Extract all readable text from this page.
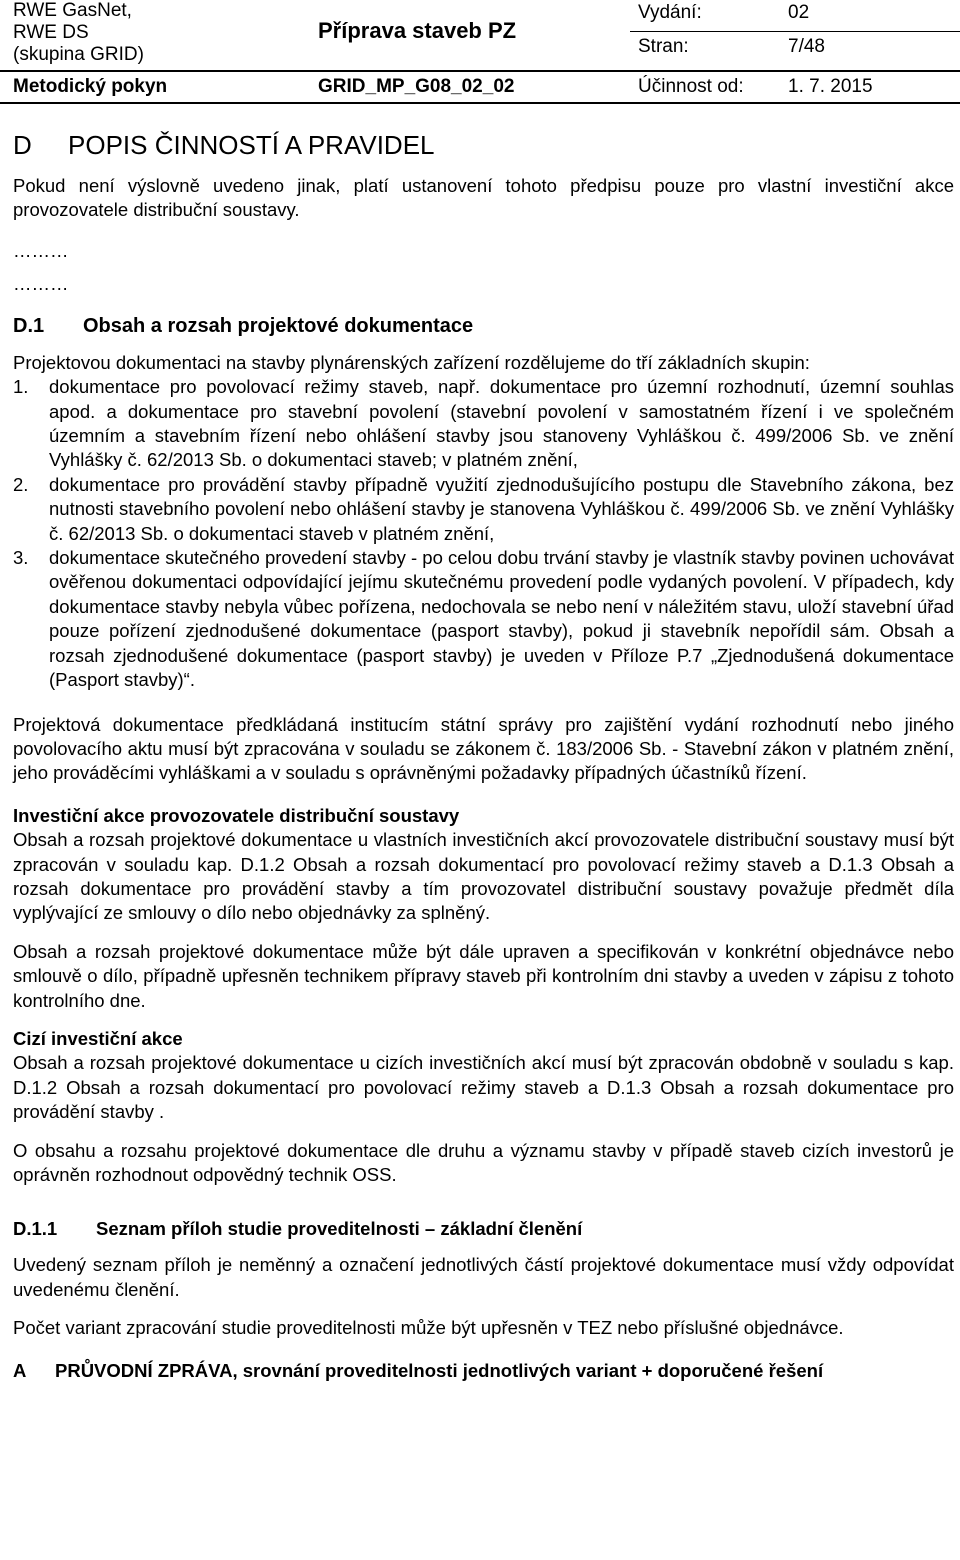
RWE GasNet,
RWE DS
(skupina GRID)
Příprava staveb PZ
Vydání:	02
Stran:	7/48
Metodický pokyn	GRID_MP_G08_02_02	Účinnost od: 1. 7. 2015
D POPIS ČINNOSTÍ A PRAVIDEL

Pokud není výslovně uvedeno jinak, platí ustanovení tohoto předpisu pouze pro vlastní investiční akce provozovatele distribuční soustavy.

………
………
D.1 Obsah a rozsah projektové dokumentace

Projektovou dokumentaci na stavby plynárenských zařízení rozdělujeme do tří základních skupin:

1. dokumentace pro povolovací režimy staveb, např. dokumentace pro územní rozhodnutí, územní souhlas apod. a dokumentace pro stavební povolení (stavební povolení v samostatném řízení i ve společném územním a stavebním řízení nebo ohlášení stavby jsou stanoveny Vyhláškou č. 499/2006 Sb. ve znění Vyhlášky č. 62/2013 Sb. o dokumentaci staveb; v platném znění,
2. dokumentace pro provádění stavby případně využití zjednodušujícího postupu dle Stavebního zákona, bez nutnosti stavebního povolení nebo ohlášení stavby je stanovena Vyhláškou č. 499/2006 Sb. ve znění Vyhlášky č. 62/2013 Sb. o dokumentaci staveb v platném znění,
3. dokumentace skutečného provedení stavby - po celou dobu trvání stavby je vlastník stavby povinen uchovávat ověřenou dokumentaci odpovídající jejímu skutečnému provedení podle vydaných povolení. V případech, kdy dokumentace stavby nebyla vůbec pořízena, nedochovala se nebo není v náležitém stavu, uloží stavební úřad pouze pořízení zjednodušené dokumentace (pasport stavby), pokud ji stavebník nepořídil sám. Obsah a rozsah zjednodušené dokumentace (pasport stavby) je uveden v Příloze P.7 „Zjednodušená dokumentace (Pasport stavby)“.

Projektová dokumentace předkládaná institucím státní správy pro zajištění vydání rozhodnutí nebo jiného povolovacího aktu musí být zpracována v souladu se zákonem č. 183/2006 Sb. - Stavební zákon v platném znění, jeho prováděcími vyhláškami a v souladu s oprávněnými požadavky případných účastníků řízení.

Investiční akce provozovatele distribuční soustavy

Obsah a rozsah projektové dokumentace u vlastních investičních akcí provozovatele distribuční soustavy musí být zpracován v souladu kap. D.1.2 Obsah a rozsah dokumentací pro povolovací režimy staveb a D.1.3 Obsah a rozsah dokumentace pro provádění stavby a tím provozovatel distribuční soustavy považuje předmět díla vyplývající ze smlouvy o dílo nebo objednávky za splněný.

Obsah a rozsah projektové dokumentace může být dále upraven a specifikován v konkrétní objednávce nebo smlouvě o dílo, případně upřesněn technikem přípravy staveb při kontrolním dni stavby a uveden v zápisu z tohoto kontrolního dne.

Cizí investiční akce

Obsah a rozsah projektové dokumentace u cizích investičních akcí musí být zpracován obdobně v souladu s kap. D.1.2 Obsah a rozsah dokumentací pro povolovací režimy staveb a D.1.3 Obsah a rozsah dokumentace pro provádění stavby .

O obsahu a rozsahu projektové dokumentace dle druhu a významu stavby v případě staveb cizích investorů je oprávněn rozhodnout odpovědný technik OSS.

D.1.1 Seznam příloh studie proveditelnosti – základní členění

Uvedený seznam příloh je neměnný a označení jednotlivých částí projektové dokumentace musí vždy odpovídat uvedenému členění.

Počet variant zpracování studie proveditelnosti může být upřesněn v TEZ nebo příslušné objednávce.

A PRŮVODNÍ ZPRÁVA, srovnání proveditelnosti jednotlivých variant + doporučené řešení
